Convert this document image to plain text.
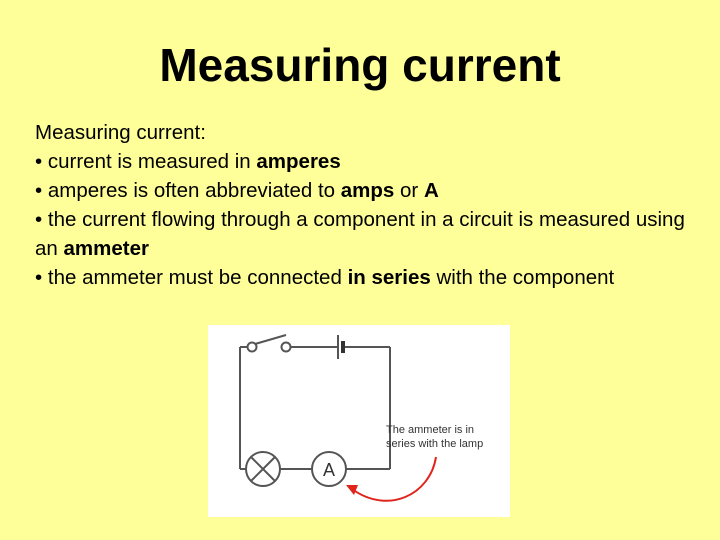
Measuring current
Measuring current:
• current is measured in amperes
• amperes is often abbreviated to amps or A
• the current flowing through a component in a circuit is measured using an ammeter
• the ammeter must be connected in series with the component
A
The ammeter is in
series with the lamp
